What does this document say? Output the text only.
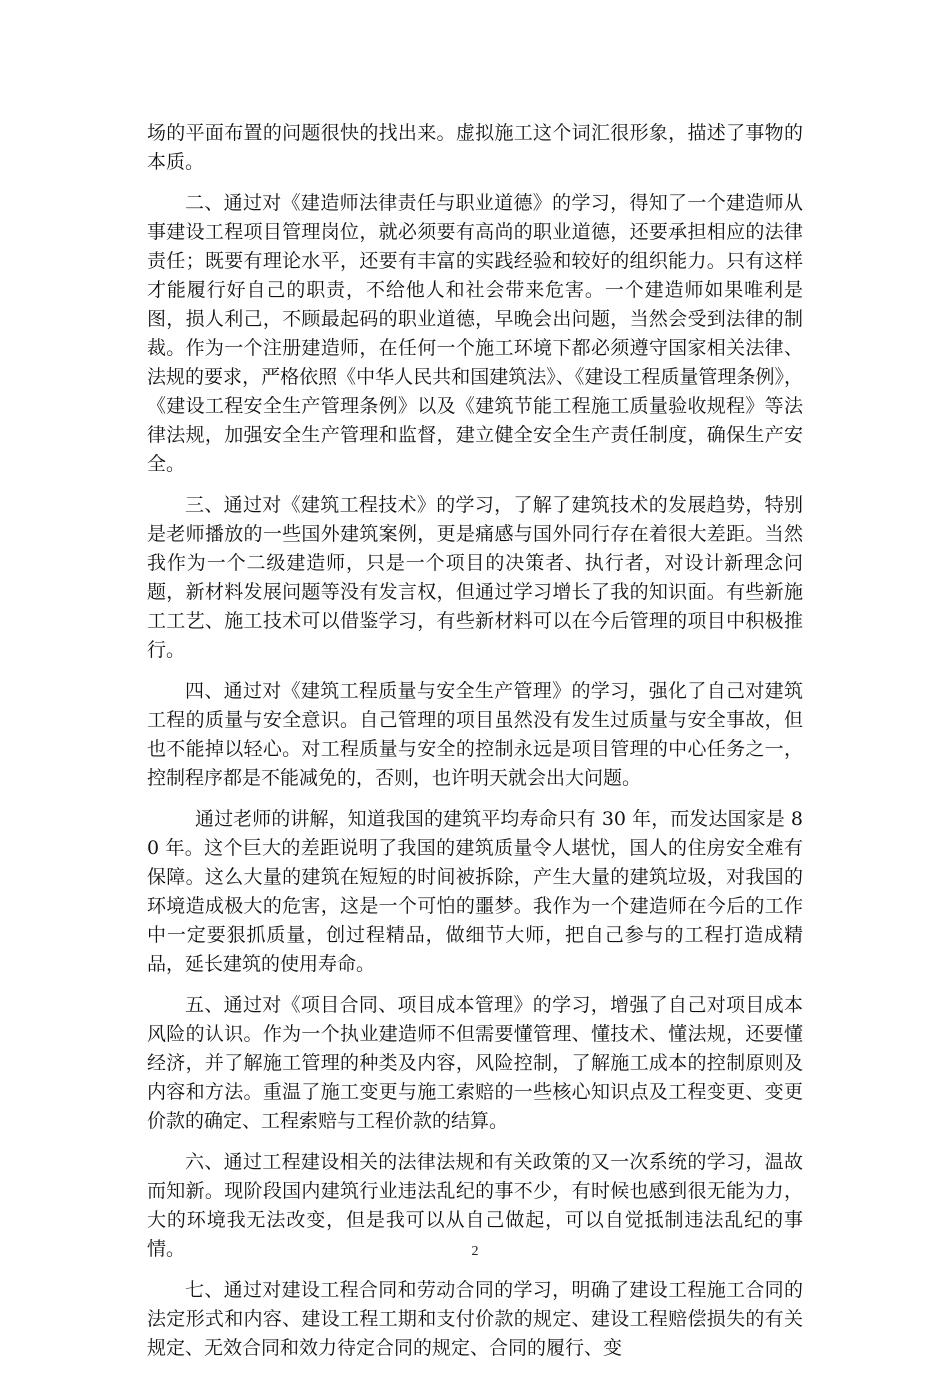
场的平面布置的问题很快的找出来。虚拟施工这个词汇很形象，描述了事物的本质。

二、通过对《建造师法律责任与职业道德》的学习，得知了一个建造师从事建设工程项目管理岗位，就必须要有高尚的职业道德，还要承担相应的法律责任；既要有理论水平，还要有丰富的实践经验和较好的组织能力。只有这样才能履行好自己的职责，不给他人和社会带来危害。一个建造师如果唯利是图，损人利己，不顾最起码的职业道德，早晚会出问题，当然会受到法律的制裁。作为一个注册建造师，在任何一个施工环境下都必须遵守国家相关法律、法规的要求，严格依照《中华人民共和国建筑法》、《建设工程质量管理条例》，《建设工程安全生产管理条例》以及《建筑节能工程施工质量验收规程》等法律法规，加强安全生产管理和监督，建立健全安全生产责任制度，确保生产安全。

三、通过对《建筑工程技术》的学习，了解了建筑技术的发展趋势，特别是老师播放的一些国外建筑案例，更是痛感与国外同行存在着很大差距。当然我作为一个二级建造师，只是一个项目的决策者、执行者，对设计新理念问题，新材料发展问题等没有发言权，但通过学习增长了我的知识面。有些新施工工艺、施工技术可以借鉴学习，有些新材料可以在今后管理的项目中积极推行。

四、通过对《建筑工程质量与安全生产管理》的学习，强化了自己对建筑工程的质量与安全意识。自己管理的项目虽然没有发生过质量与安全事故，但也不能掉以轻心。对工程质量与安全的控制永远是项目管理的中心任务之一，控制程序都是不能减免的，否则，也许明天就会出大问题。

通过老师的讲解，知道我国的建筑平均寿命只有 30 年，而发达国家是 80 年。这个巨大的差距说明了我国的建筑质量令人堪忧，国人的住房安全难有保障。这么大量的建筑在短短的时间被拆除，产生大量的建筑垃圾，对我国的环境造成极大的危害，这是一个可怕的噩梦。我作为一个建造师在今后的工作中一定要狠抓质量，创过程精品，做细节大师，把自己参与的工程打造成精品，延长建筑的使用寿命。

五、通过对《项目合同、项目成本管理》的学习，增强了自己对项目成本风险的认识。作为一个执业建造师不但需要懂管理、懂技术、懂法规，还要懂经济，并了解施工管理的种类及内容，风险控制，了解施工成本的控制原则及内容和方法。重温了施工变更与施工索赔的一些核心知识点及工程变更、变更价款的确定、工程索赔与工程价款的结算。

六、通过工程建设相关的法律法规和有关政策的又一次系统的学习，温故而知新。现阶段国内建筑行业违法乱纪的事不少，有时候也感到很无能为力，大的环境我无法改变，但是我可以从自己做起，可以自觉抵制违法乱纪的事情。

七、通过对建设工程合同和劳动合同的学习，明确了建设工程施工合同的法定形式和内容、建设工程工期和支付价款的规定、建设工程赔偿损失的有关规定、无效合同和效力待定合同的规定、合同的履行、变

2
